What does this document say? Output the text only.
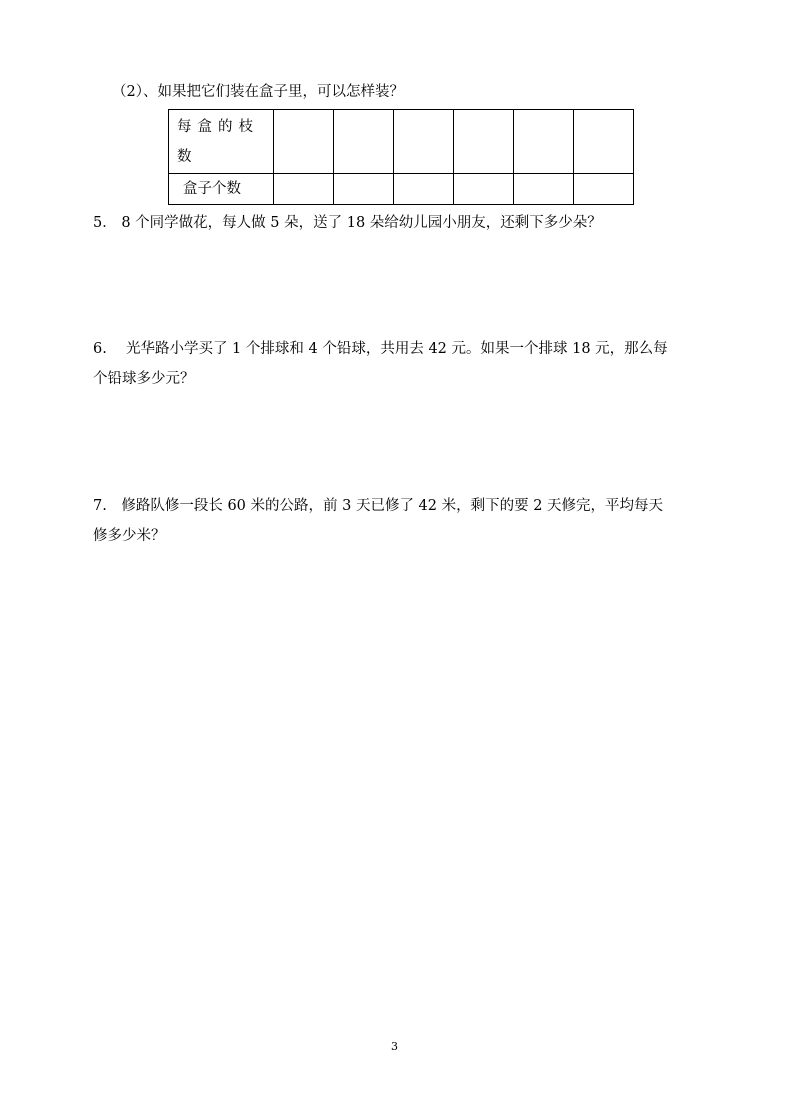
（2）、如果把它们装在盒子里，可以怎样装？
每盒的枝数						
盒子个数						
5． 8 个同学做花，每人做 5 朵，送了 18 朵给幼儿园小朋友，还剩下多少朵？
6.　 光华路小学买了 1 个排球和 4 个铅球，共用去 42 元。如果一个排球 18 元，那么每
个铅球多少元？
7.　修路队修一段长 60 米的公路，前 3 天已修了 42 米，剩下的要 2 天修完，平均每天
修多少米？
3
